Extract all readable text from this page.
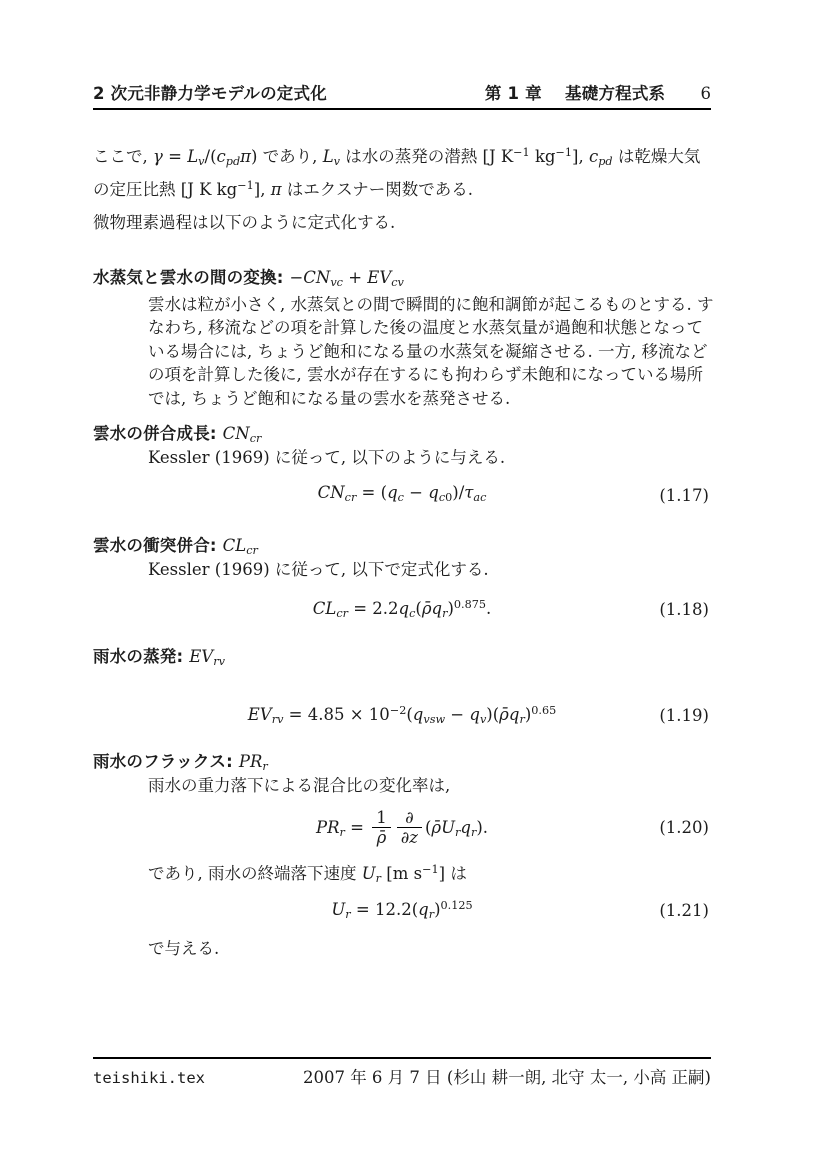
2 次元非静力学モデルの定式化	第 1 章 基礎方程式系 6
ここで, γ = Lv/(cpdπ) であり, Lv は水の蒸発の潜熱 [J $K^{-1}$ $kg^{-1}$], cpd は乾燥大気
の定圧比熱 [J K $kg^{-1}$], π はエクスナー関数である.
微物理素過程は以下のように定式化する.
水蒸気と雲水の間の変換: −CNvc + EVcv
雲水は粒が小さく, 水蒸気との間で瞬間的に飽和調節が起こるものとする. す
なわち, 移流などの項を計算した後の温度と水蒸気量が過飽和状態となって
いる場合には, ちょうど飽和になる量の水蒸気を凝縮させる. 一方, 移流など
の項を計算した後に, 雲水が存在するにも拘わらず未飽和になっている場所
では, ちょうど飽和になる量の雲水を蒸発させる.
雲水の併合成長: CNcr
Kessler (1969) に従って, 以下のように与える.
CNcr = (qc − qc0)/τac	(1.17)
雲水の衝突併合: CLcr
Kessler (1969) に従って, 以下で定式化する.
CLcr = 2.2qc(ρ̄qr)$^{0.875}$.	(1.18)
雨水の蒸発: EVrv
EVrv = $4.85 \times 10^{-2}(qvsw$ − qv)(ρ̄qr)$^{0.65}$	(1.19)
雨水のフラックス: PRr
雨水の重力落下による混合比の変化率は,
PRr = $\frac{1}{\rhō} \frac{\partial}{\partial z}$ (ρ̄Urqr).	(1.20)
であり, 雨水の終端落下速度 Ur [m $s^{-1}$] は
Ur = 12.2(qr)$^{0.125}$	(1.21)
で与える.
teishiki.tex	2007 年 6 月 7 日 (杉山 耕一朗, 北守 太一, 小高 正嗣)
